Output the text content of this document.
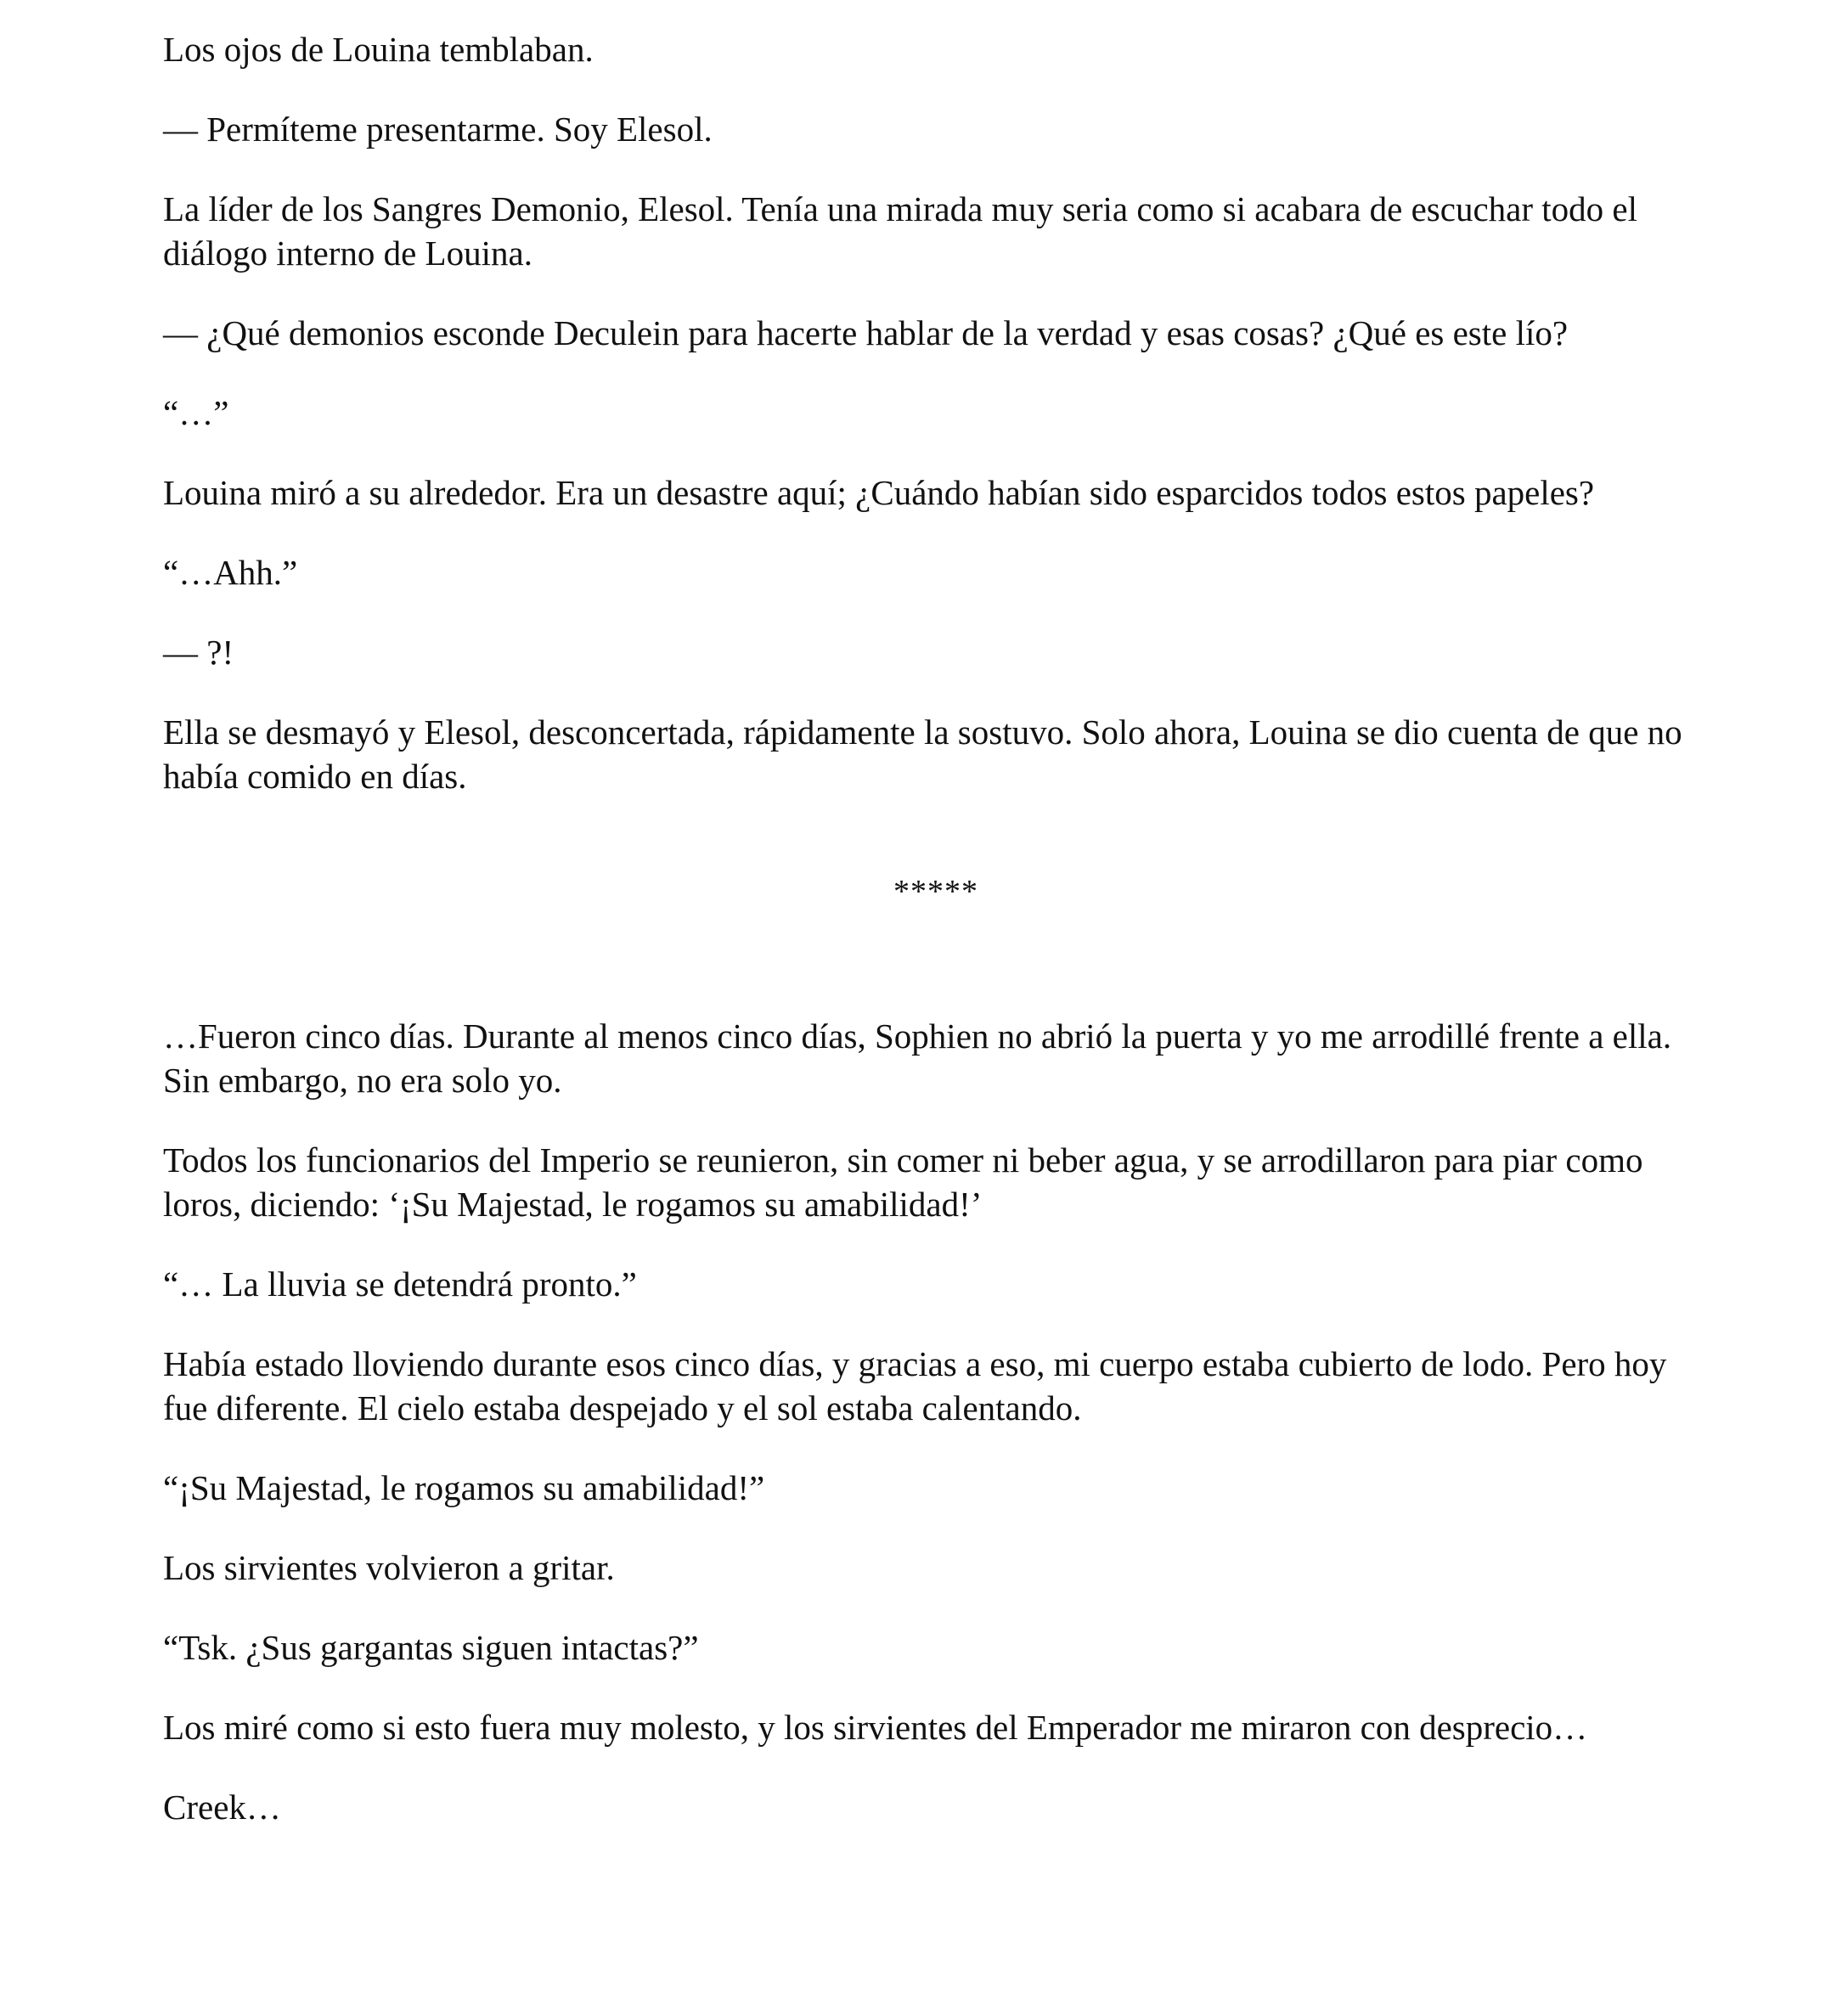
Los ojos de Louina temblaban.

— Permíteme presentarme. Soy Elesol.

La líder de los Sangres Demonio, Elesol. Tenía una mirada muy seria como si acabara de escuchar todo el diálogo interno de Louina.

— ¿Qué demonios esconde Deculein para hacerte hablar de la verdad y esas cosas? ¿Qué es este lío?

“…”

Louina miró a su alrededor. Era un desastre aquí; ¿Cuándo habían sido esparcidos todos estos papeles?

“…Ahh.”

— ?!

Ella se desmayó y Elesol, desconcertada, rápidamente la sostuvo. Solo ahora, Louina se dio cuenta de que no había comido en días.

*****

…Fueron cinco días. Durante al menos cinco días, Sophien no abrió la puerta y yo me arrodillé frente a ella. Sin embargo, no era solo yo.

Todos los funcionarios del Imperio se reunieron, sin comer ni beber agua, y se arrodillaron para piar como loros, diciendo: ‘¡Su Majestad, le rogamos su amabilidad!’

“… La lluvia se detendrá pronto.”

Había estado lloviendo durante esos cinco días, y gracias a eso, mi cuerpo estaba cubierto de lodo. Pero hoy fue diferente. El cielo estaba despejado y el sol estaba calentando.

“¡Su Majestad, le rogamos su amabilidad!”

Los sirvientes volvieron a gritar.

“Tsk. ¿Sus gargantas siguen intactas?”

Los miré como si esto fuera muy molesto, y los sirvientes del Emperador me miraron con desprecio…

Creek…
